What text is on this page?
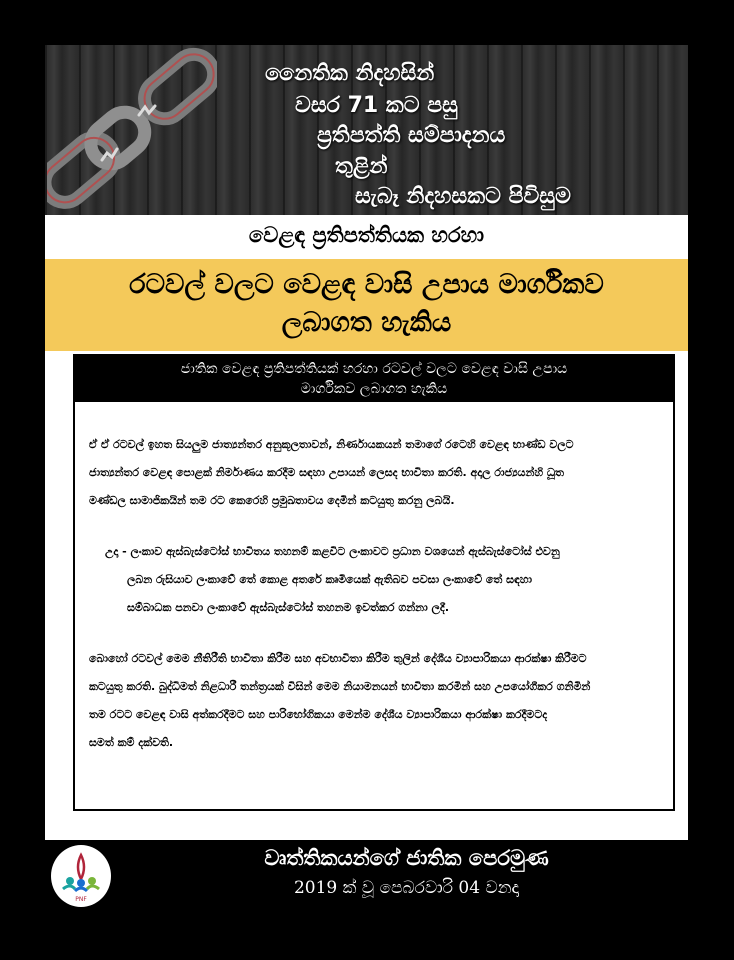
නෛතික නිදහසින්
වසර 71 කට පසු
ප්‍රතිපත්ති සම්පාදනය
තුළින්
සැබෑ නිදහසකට පිවිසුම
වෙළඳ ප්‍රතිපත්තියක හරහා
රටවල් වලට වෙළඳ වාසි උපාය මාර්ගිකව
ලබාගත හැකිය
ජාතික වෙළඳ ප්‍රතිපත්තියක් හරහා රටවල් වලට වෙළඳ වාසි උපාය
මාර්ගිකව ලබාගත හැකිය
ඒ ඒ රටවල් ඉහත සියලුම ජාත්‍යන්තර අනුකූලතාවන්, නිර්ණායකයන් තමාගේ රටෙහි වෙළඳ භාණ්ඩ වලට
ජාත්‍යන්තර වෙළඳ පොළක් නිර්මාණය කරදීම සඳහා උපායන් ලෙසද භාවිතා කරති. අදාල රාජ්‍යයන්හි ධූත
මණ්ඩල සාමාජිකයින් තම රට කෙරෙහි ප්‍රමුඛතාවය දෙමින් කටයුතු කරනු ලබයි.
උදා - ලංකාව ඇස්බැස්ටෝස් භාවිතය තහනම් කළවිට ලංකාවට ප්‍රධාන වශයෙන් ඇස්බැස්ටෝස් එවනු
ලබන රුසියාව ලංකාවේ තේ කොළ අතරේ කෘමියෙක් ඇතිබව පවසා ලංකාවේ තේ සඳහා
සම්බාධක පනවා ලංකාවේ ඇස්බැස්ටෝස් තහනම ඉවත්කර ගන්නා ලදී.
බොහෝ රටවල් මෙම නීතිරීති භාවිතා කිරීම සහ අවභාවිතා කිරීම තුලින් දේශීය ව්‍යාපාරිකයා ආරක්ෂා කිරීමට
කටයුතු කරති. බුද්ධිමත් නිළධාරී තන්ත්‍රයක් විසින් මෙම නියාමනයන් භාවිතා කරමින් සහ උපයෝගීකර ගනිමින්
තම රටට වෙළඳ වාසි අත්කරදීමට සහ පාරිභෝගිකයා මෙන්ම දේශීය ව්‍යාපාරිකයා ආරක්ෂා කරදීමටද
සමත් කම් දක්වති.
PNF
වෘත්තිකයන්ගේ ජාතික පෙරමුණ
2019 ක් වූ පෙබරවාරි 04 වනදා
